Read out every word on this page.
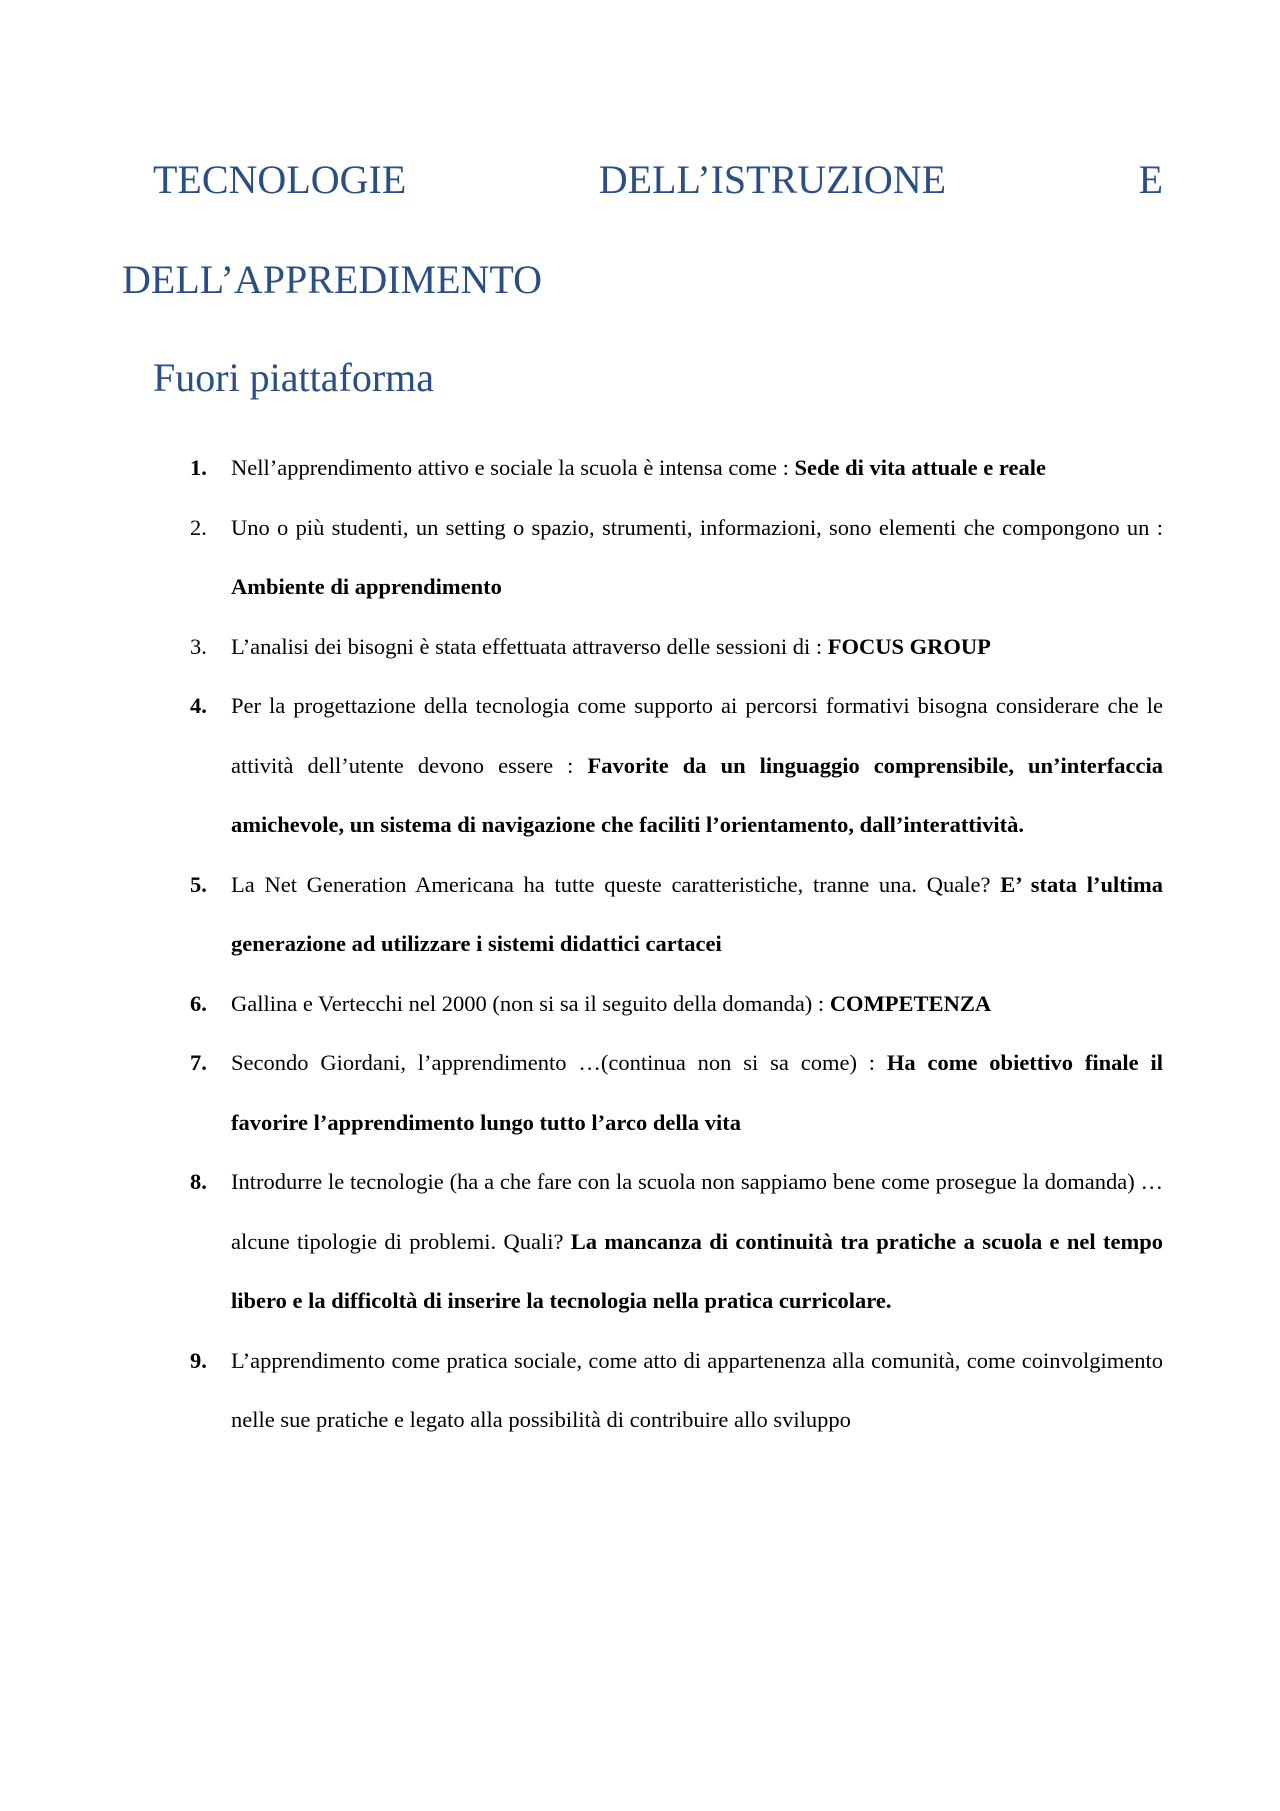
TECNOLOGIE	DELL’ISTRUZIONE	E
DELL’APPREDIMENTO
Fuori piattaforma
1. Nell’apprendimento attivo e sociale la scuola è intensa come : Sede di vita attuale e reale
2. Uno o più studenti, un setting o spazio, strumenti, informazioni, sono elementi che compongono un : Ambiente di apprendimento
3. L’analisi dei bisogni è stata effettuata attraverso delle sessioni di : FOCUS GROUP
4. Per la progettazione della tecnologia come supporto ai percorsi formativi bisogna considerare che le attività dell’utente devono essere : Favorite da un linguaggio comprensibile, un’interfaccia amichevole, un sistema di navigazione che faciliti l’orientamento, dall’interattività.
5. La Net Generation Americana ha tutte queste caratteristiche, tranne una. Quale? E’ stata l’ultima generazione ad utilizzare i sistemi didattici cartacei
6. Gallina e Vertecchi nel 2000 (non si sa il seguito della domanda) : COMPETENZA
7. Secondo Giordani, l’apprendimento …(continua non si sa come) : Ha come obiettivo finale il favorire l’apprendimento lungo tutto l’arco della vita
8. Introdurre le tecnologie (ha a che fare con la scuola non sappiamo bene come prosegue la domanda) … alcune tipologie di problemi. Quali? La mancanza di continuità tra pratiche a scuola e nel tempo libero e la difficoltà di inserire la tecnologia nella pratica curricolare.
9. L’apprendimento come pratica sociale, come atto di appartenenza alla comunità, come coinvolgimento nelle sue pratiche e legato alla possibilità di contribuire allo sviluppo
